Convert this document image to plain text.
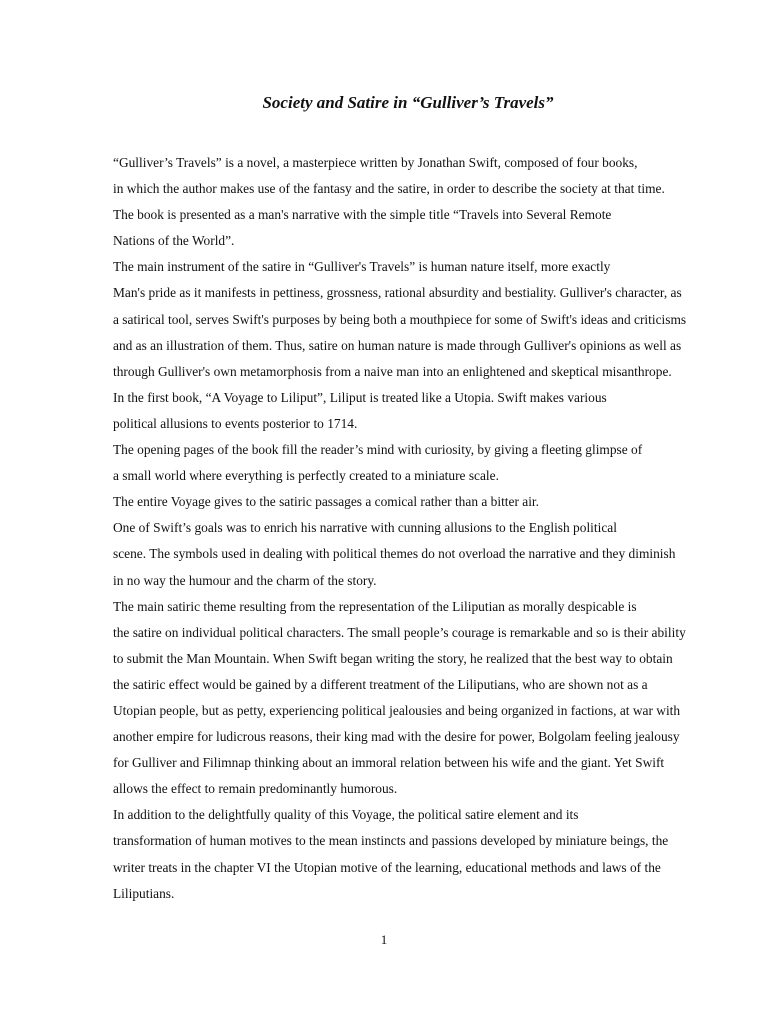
Society and Satire in “Gulliver’s Travels”

“Gulliver’s Travels” is a novel, a masterpiece written by Jonathan Swift, composed of four books,
in which the author makes use of the fantasy and the satire, in order to describe the society at that time.

The book is presented as a man's narrative with the simple title “Travels into Several Remote
Nations of the World”.

The main instrument of the satire in “Gulliver's Travels” is human nature itself, more exactly
Man's pride as it manifests in pettiness, grossness, rational absurdity and bestiality. Gulliver's character, as
a satirical tool, serves Swift's purposes by being both a mouthpiece for some of Swift's ideas and criticisms
and as an illustration of them. Thus, satire on human nature is made through Gulliver's opinions as well as
through Gulliver's own metamorphosis from a naive man into an enlightened and skeptical misanthrope.

In the first book, “A Voyage to Liliput”, Liliput is treated like a Utopia. Swift makes various
political allusions to events posterior to 1714.

The opening pages of the book fill the reader’s mind with curiosity, by giving a fleeting glimpse of
a small world where everything is perfectly created to a miniature scale.

The entire Voyage gives to the satiric passages a comical rather than a bitter air.

One of Swift’s goals was to enrich his narrative with cunning allusions to the English political
scene. The symbols used in dealing with political themes do not overload the narrative and they diminish
in no way the humour and the charm of the story.

The main satiric theme resulting from the representation of the Liliputian as morally despicable is
the satire on individual political characters. The small people’s courage is remarkable and so is their ability
to submit the Man Mountain. When Swift began writing the story, he realized that the best way to obtain
the satiric effect would be gained by a different treatment of the Liliputians, who are shown not as a
Utopian people, but as petty, experiencing political jealousies and being organized in factions, at war with
another empire for ludicrous reasons, their king mad with the desire for power, Bolgolam feeling jealousy
for Gulliver and Filimnap thinking about an immoral relation between his wife and the giant. Yet Swift
allows the effect to remain predominantly humorous.

In addition to the delightfully quality of this Voyage, the political satire element and its
transformation of human motives to the mean instincts and passions developed by miniature beings, the
writer treats in the chapter VI the Utopian motive of the learning, educational methods and laws of the
Liliputians.

1
